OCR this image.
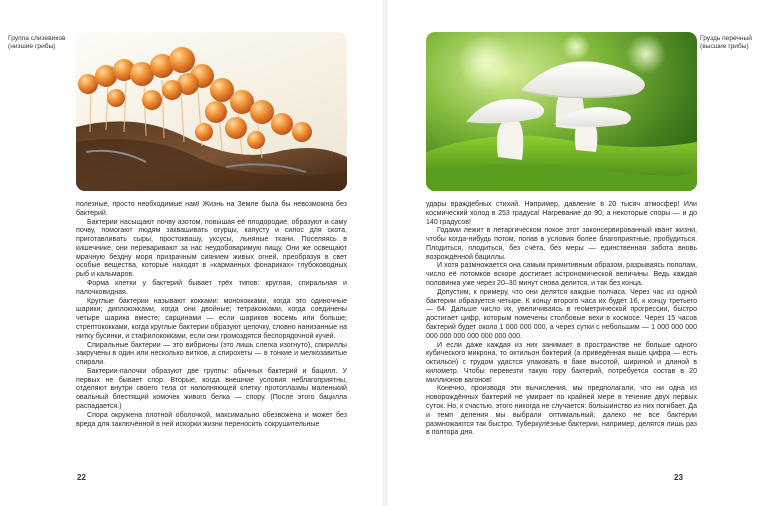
Группа слизевиков (низшие грибы)
Груздь перечный (высшие грибы)

полезные, просто необходимые нам! Жизнь на Земле была бы невозможна без бактерий.

Бактерии насыщают почву азотом, повышая её плодородие, образуют и саму почву, помогают людям заквашивать огурцы, капусту и силос для скота, приготавливать сыры, простоквашу, уксусы, льняные ткани. Поселяясь в кишечнике, они переваривают за нас неудобоваримую пищу. Они же освещают мрачную бездну моря призрачным сиянием живых огней, преобразуя в свет особые вещества, которые находят в «карманных фонариках» глубоководных рыб и кальмаров.

Форма клетки у бактерий бывает трёх типов: круглая, спиральная и палочковидная.

Круглые бактерии называют кокками: монококками, когда это одиночные шарики; диплококками, когда они двойные; тетракокками, когда соединены четыре шарика вместе; сарцинами — если шариков восемь или больше; стрептококками, когда круглые бактерии образуют цепочку, словно нанизанные на нитку бусинки, и стафилококками, если они громоздятся беспорядочной кучей.

Спиральные бактерии — это вибрионы (это лишь слегка изогнуто), спириллы закручены в один или несколько витков, а спирохеты — в тонкие и мелкозавитые спирали.

Бактерии-палочки образуют две группы: обычных бактерий и бацилл. У первых не бывает спор. Вторые, когда внешние условия неблагоприятны, отделяют внутри своего тела от наполняющей клетку протоплазмы маленький овальный блестящий комочек живого белка — спору. (После этого бацилла распадается.)

Спора окружена плотной оболочкой, максимально обезвожена и может без вреда для заключённой в ней искорки жизни переносить сокрушительные

удары враждебных стихий. Например, давление в 20 тысяч атмосфер! Или космический холод в 253 градуса! Нагревание до 90, а некоторые споры — и до 140 градусов!

Годами лежит в летаргическом покое этот законсервированный квант жизни, чтобы когда-нибудь потом, попав в условия более благоприятные, пробудиться. Плодиться, плодиться, без счёта, без меры — единственная забота вновь возрождённой бациллы.

И хотя размножается она самым примитивным образом, разрываясь пополам, число её потомков вскоре достигает астрономической величины. Ведь каждая половинка уже через 20–30 минут снова делится, и так без конца.

Допустим, к примеру, что они делятся каждые полчаса. Через час из одной бактерии образуется четыре. К концу второго часа их будет 16, к концу третьего — 64. Дальше число их, увеличиваясь в геометрической прогрессии, быстро достигает цифр, которым помечены столбовые вехи в космосе. Через 15 часов бактерий будет около 1 000 000 000, а через сутки с небольшим — 1 000 000 000 000 000 000 000 000 000 000.

И если даже каждая из них занимает в пространстве не больше одного кубического микрона, то октильон бактерий (а приведённая выше цифра — есть октильон) с трудом удастся упаковать в баке высотой, шириной и длиной в километр. Чтобы перевезти такую гору бактерий, потребуется состав в 20 миллионов вагонов!

Конечно, производя эти вычисления, мы предполагали, что ни одна из новорождённых бактерий не умирает по крайней мере в течение двух первых суток. Но, к счастью, этого никогда не случается: большинство из них погибает. Да и темп деления мы выбрали оптимальный; далеко не все бактерии размножаются так быстро. Туберкулёзные бактерии, например, делятся лишь раз в полтора дня.

22	23
